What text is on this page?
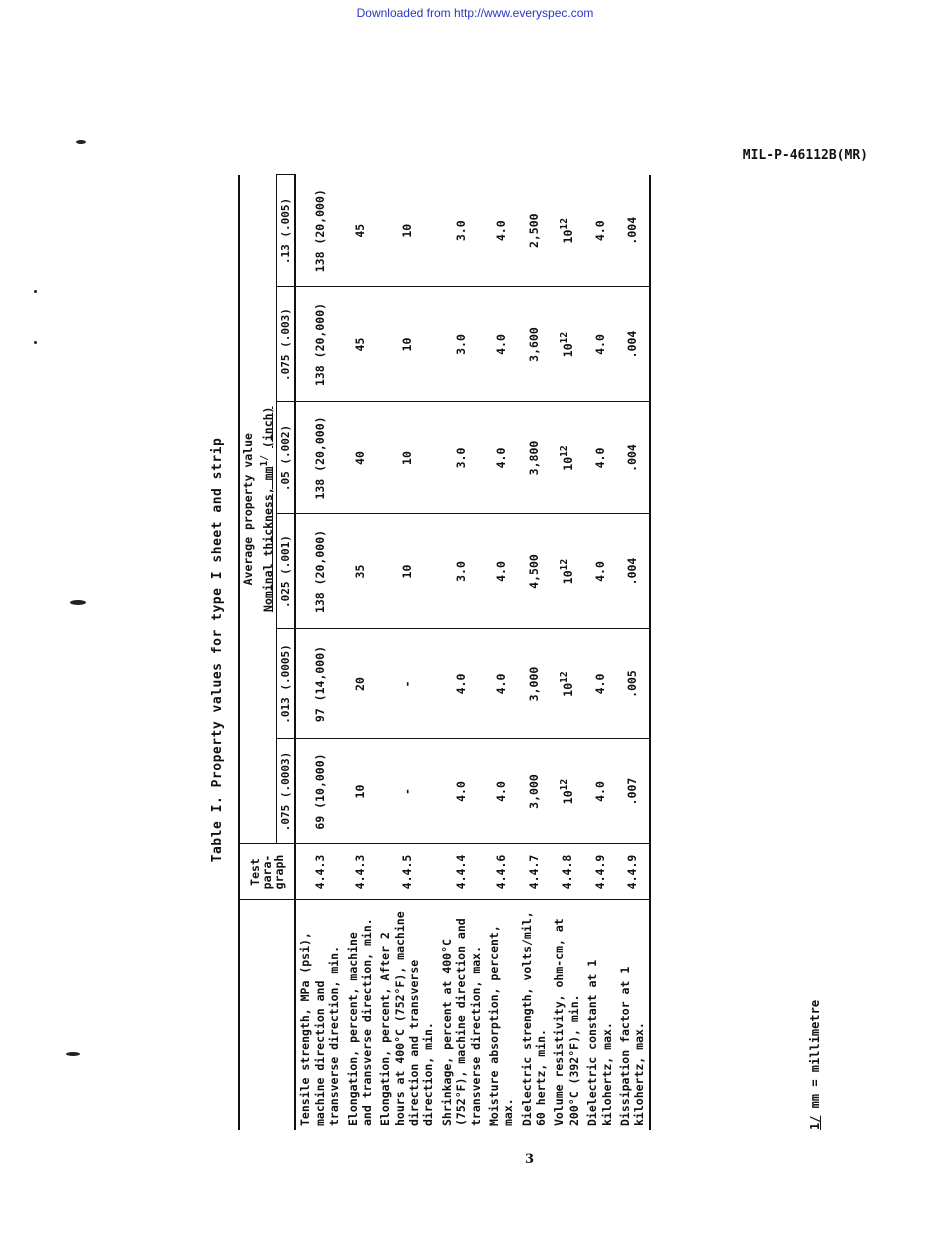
Downloaded from http://www.everyspec.com
MIL-P-46112B(MR)
3
Table I. Property values for type I sheet and strip
	Test para- graph	Average property value					
		Nominal thickness, $mm^{1/}$ (inch)					
		.075 (.0003)	.013 (.0005)	.025 (.001)	.05 (.002)	.075 (.003)	.13 (.005)
Tensile strength, MPa (psi), machine direction and transverse direction, min.	4.4.3	69 (10,000)	97 (14,000)	138 (20,000)	138 (20,000)	138 (20,000)	138 (20,000)
Elongation, percent, machine and transverse direction, min.	4.4.3	10	20	35	40	45	45
Elongation, percent, After 2 hours at 400°C (752°F), machine direction and transverse direction, min.	4.4.5	-	-	10	10	10	10
Shrinkage, percent at 400°C (752°F), machine direction and transverse direction, max.	4.4.4	4.0	4.0	3.0	3.0	3.0	3.0
Moisture absorption, percent, max.	4.4.6	4.0	4.0	4.0	4.0	4.0	4.0
Dielectric strength, volts/mil, 60 hertz, min.	4.4.7	3,000	3,000	4,500	3,800	3,600	2,500
Volume resistivity, ohm-cm, at 200°C (392°F), min.	4.4.8	$10^{12}$	$10^{12}$	$10^{12}$	$10^{12}$	$10^{12}$	$10^{12}$
Dielectric constant at 1 kilohertz, max.	4.4.9	4.0	4.0	4.0	4.0	4.0	4.0
Dissipation factor at 1 kilohertz, max.	4.4.9	.007	.005	.004	.004	.004	.004
1/ mm = millimetre
